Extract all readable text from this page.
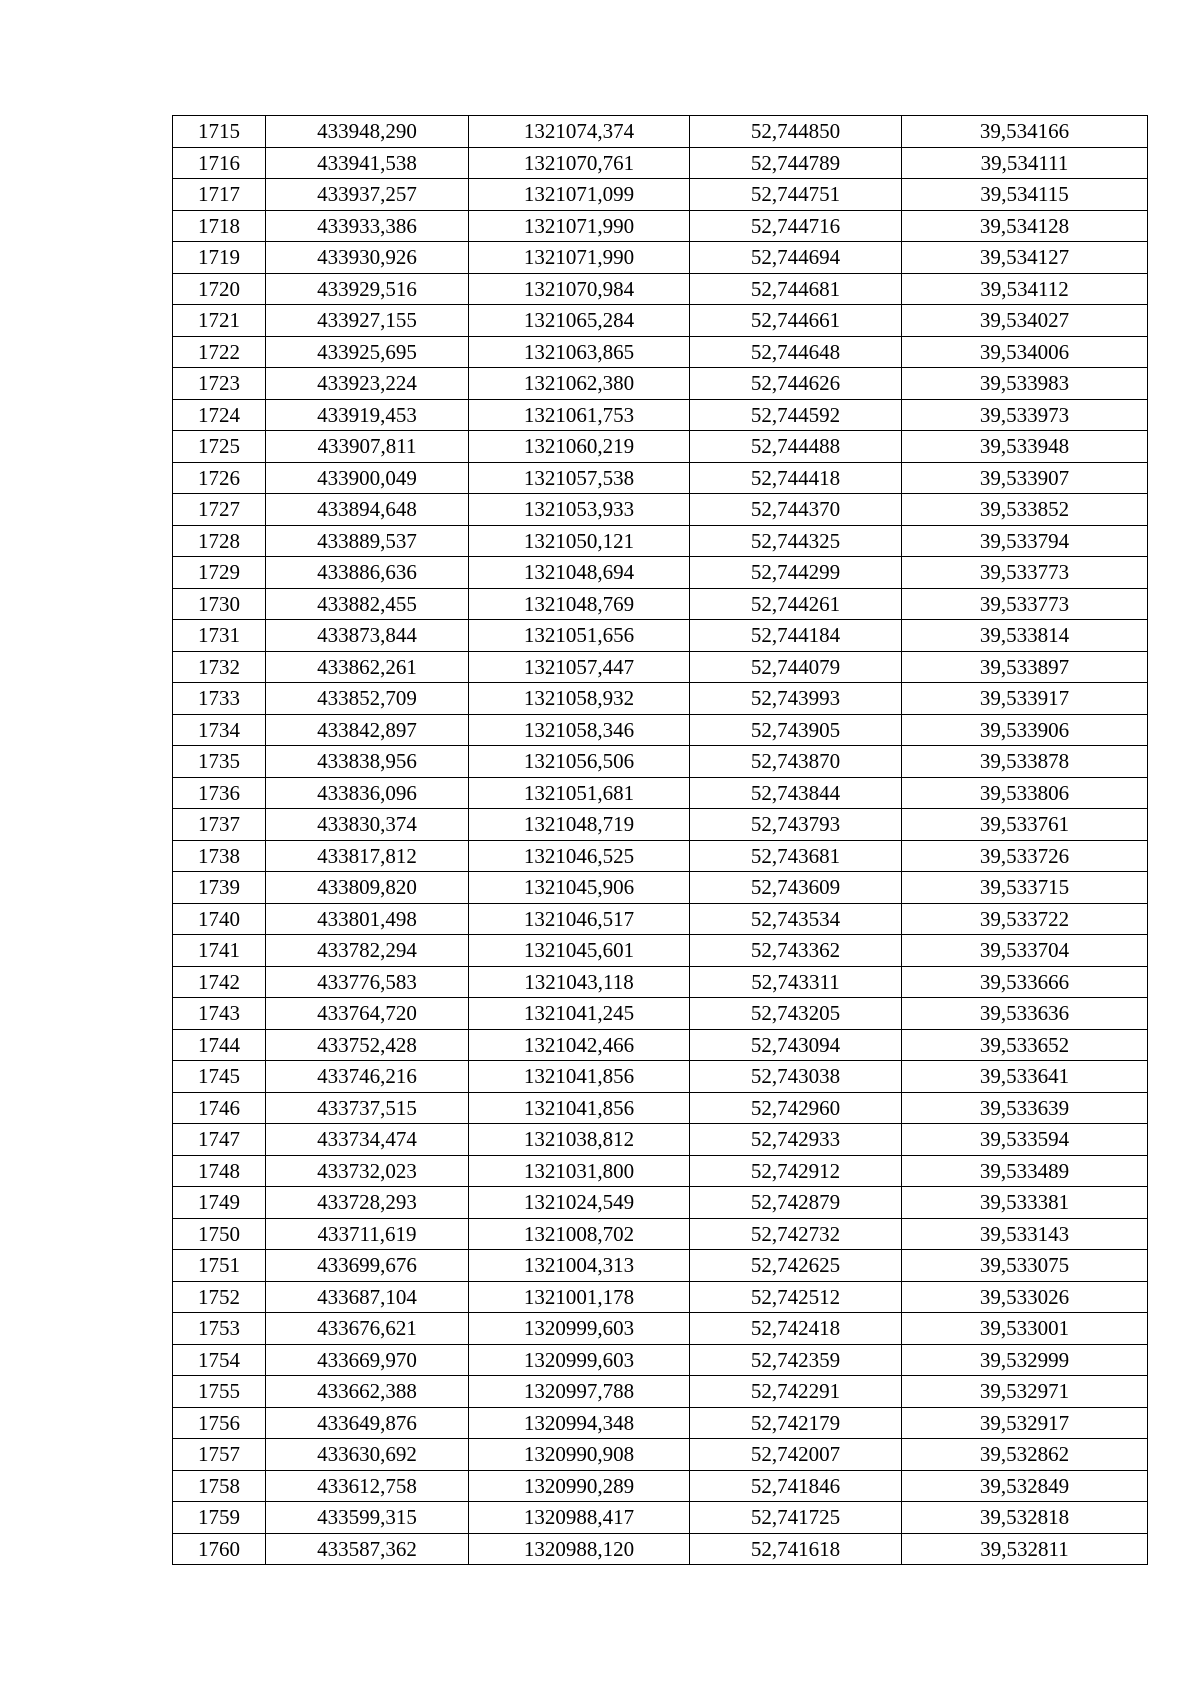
1715	433948,290	1321074,374	52,744850	39,534166
1716	433941,538	1321070,761	52,744789	39,534111
1717	433937,257	1321071,099	52,744751	39,534115
1718	433933,386	1321071,990	52,744716	39,534128
1719	433930,926	1321071,990	52,744694	39,534127
1720	433929,516	1321070,984	52,744681	39,534112
1721	433927,155	1321065,284	52,744661	39,534027
1722	433925,695	1321063,865	52,744648	39,534006
1723	433923,224	1321062,380	52,744626	39,533983
1724	433919,453	1321061,753	52,744592	39,533973
1725	433907,811	1321060,219	52,744488	39,533948
1726	433900,049	1321057,538	52,744418	39,533907
1727	433894,648	1321053,933	52,744370	39,533852
1728	433889,537	1321050,121	52,744325	39,533794
1729	433886,636	1321048,694	52,744299	39,533773
1730	433882,455	1321048,769	52,744261	39,533773
1731	433873,844	1321051,656	52,744184	39,533814
1732	433862,261	1321057,447	52,744079	39,533897
1733	433852,709	1321058,932	52,743993	39,533917
1734	433842,897	1321058,346	52,743905	39,533906
1735	433838,956	1321056,506	52,743870	39,533878
1736	433836,096	1321051,681	52,743844	39,533806
1737	433830,374	1321048,719	52,743793	39,533761
1738	433817,812	1321046,525	52,743681	39,533726
1739	433809,820	1321045,906	52,743609	39,533715
1740	433801,498	1321046,517	52,743534	39,533722
1741	433782,294	1321045,601	52,743362	39,533704
1742	433776,583	1321043,118	52,743311	39,533666
1743	433764,720	1321041,245	52,743205	39,533636
1744	433752,428	1321042,466	52,743094	39,533652
1745	433746,216	1321041,856	52,743038	39,533641
1746	433737,515	1321041,856	52,742960	39,533639
1747	433734,474	1321038,812	52,742933	39,533594
1748	433732,023	1321031,800	52,742912	39,533489
1749	433728,293	1321024,549	52,742879	39,533381
1750	433711,619	1321008,702	52,742732	39,533143
1751	433699,676	1321004,313	52,742625	39,533075
1752	433687,104	1321001,178	52,742512	39,533026
1753	433676,621	1320999,603	52,742418	39,533001
1754	433669,970	1320999,603	52,742359	39,532999
1755	433662,388	1320997,788	52,742291	39,532971
1756	433649,876	1320994,348	52,742179	39,532917
1757	433630,692	1320990,908	52,742007	39,532862
1758	433612,758	1320990,289	52,741846	39,532849
1759	433599,315	1320988,417	52,741725	39,532818
1760	433587,362	1320988,120	52,741618	39,532811
